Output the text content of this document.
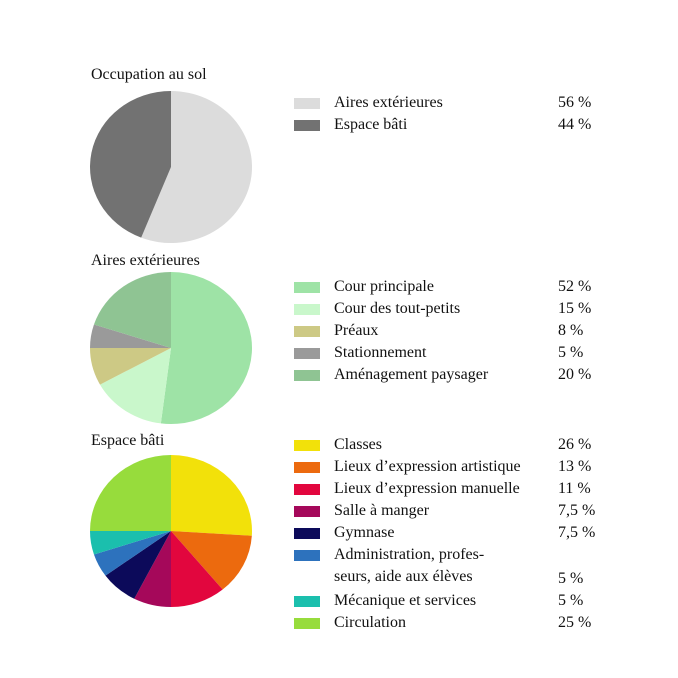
Occupation au sol
Aires extérieures	56 %
Espace bâti	44 %
Aires extérieures
Cour principale	52 %
Cour des tout-petits	15 %
Préaux	8 %
Stationnement	5 %
Aménagement paysager	20 %
Espace bâti	Classes	26 %
Lieux d’expression artistique 13 %
Lieux d’expression manuelle 11 %
Salle à manger	7,5 %
Gymnase	7,5 %
Administration, profes-
seurs, aide aux élèves	5 %
Mécanique et services	5 %
Circulation	25 %
